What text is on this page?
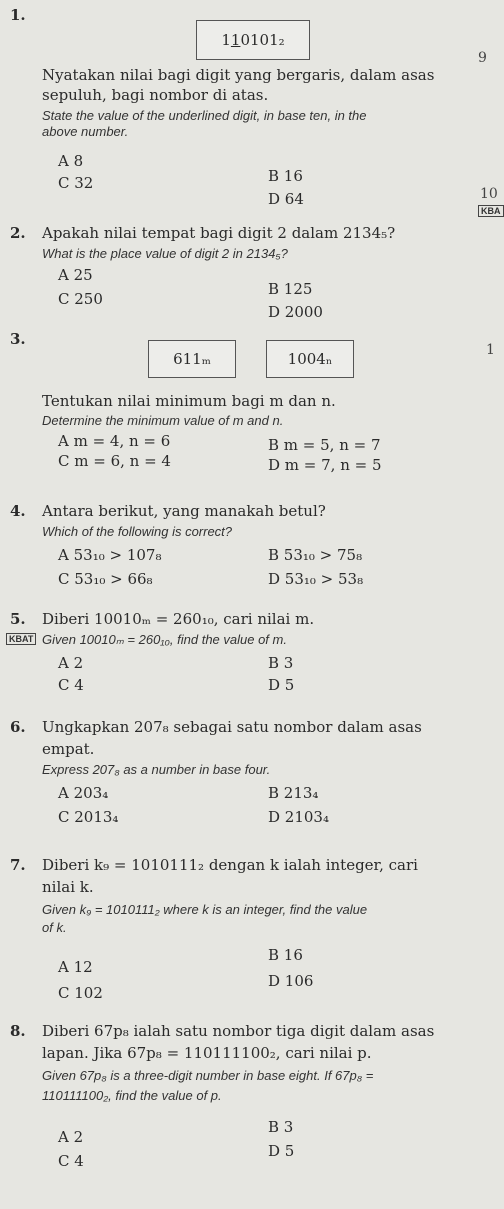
1.
110101₂
9
Nyatakan nilai bagi digit yang bergaris, dalam asas
sepuluh, bagi nombor di atas.
State the value of the underlined digit, in base ten, in the
above number.
A 8
B 16
C 32
D 64	10
KBA
2. Apakah nilai tempat bagi digit 2 dalam 2134₅?
What is the place value of digit 2 in 2134₅?
A 25
B 125
C 250
D 2000
3.
611ₘ	1004ₙ	1
Tentukan nilai minimum bagi m dan n.
Determine the minimum value of m and n.
A m = 4, n = 6	B m = 5, n = 7
C m = 6, n = 4	D m = 7, n = 5
4. Antara berikut, yang manakah betul?
Which of the following is correct?
A 53₁₀ > 107₈	B 53₁₀ > 75₈
C 53₁₀ > 66₈	D 53₁₀ > 53₈
5. Diberi 10010ₘ = 260₁₀, cari nilai m.
KBAT Given 10010ₘ = 260₁₀, find the value of m.
A 2	B 3
C 4	D 5
6. Ungkapkan 207₈ sebagai satu nombor dalam asas
empat.
Express 207₈ as a number in base four.
A 203₄	B 213₄
C 2013₄	D 2103₄
7. Diberi k₉ = 1010111₂ dengan k ialah integer, cari
nilai k.
Given k₉ = 1010111₂ where k is an integer, find the value
of k.
B 16
A 12
D 106
C 102
8. Diberi 67p₈ ialah satu nombor tiga digit dalam asas
lapan. Jika 67p₈ = 110111100₂, cari nilai p.
Given 67p₈ is a three-digit number in base eight. If 67p₈ =
110111100₂, find the value of p.
B 3
A 2
D 5
C 4
